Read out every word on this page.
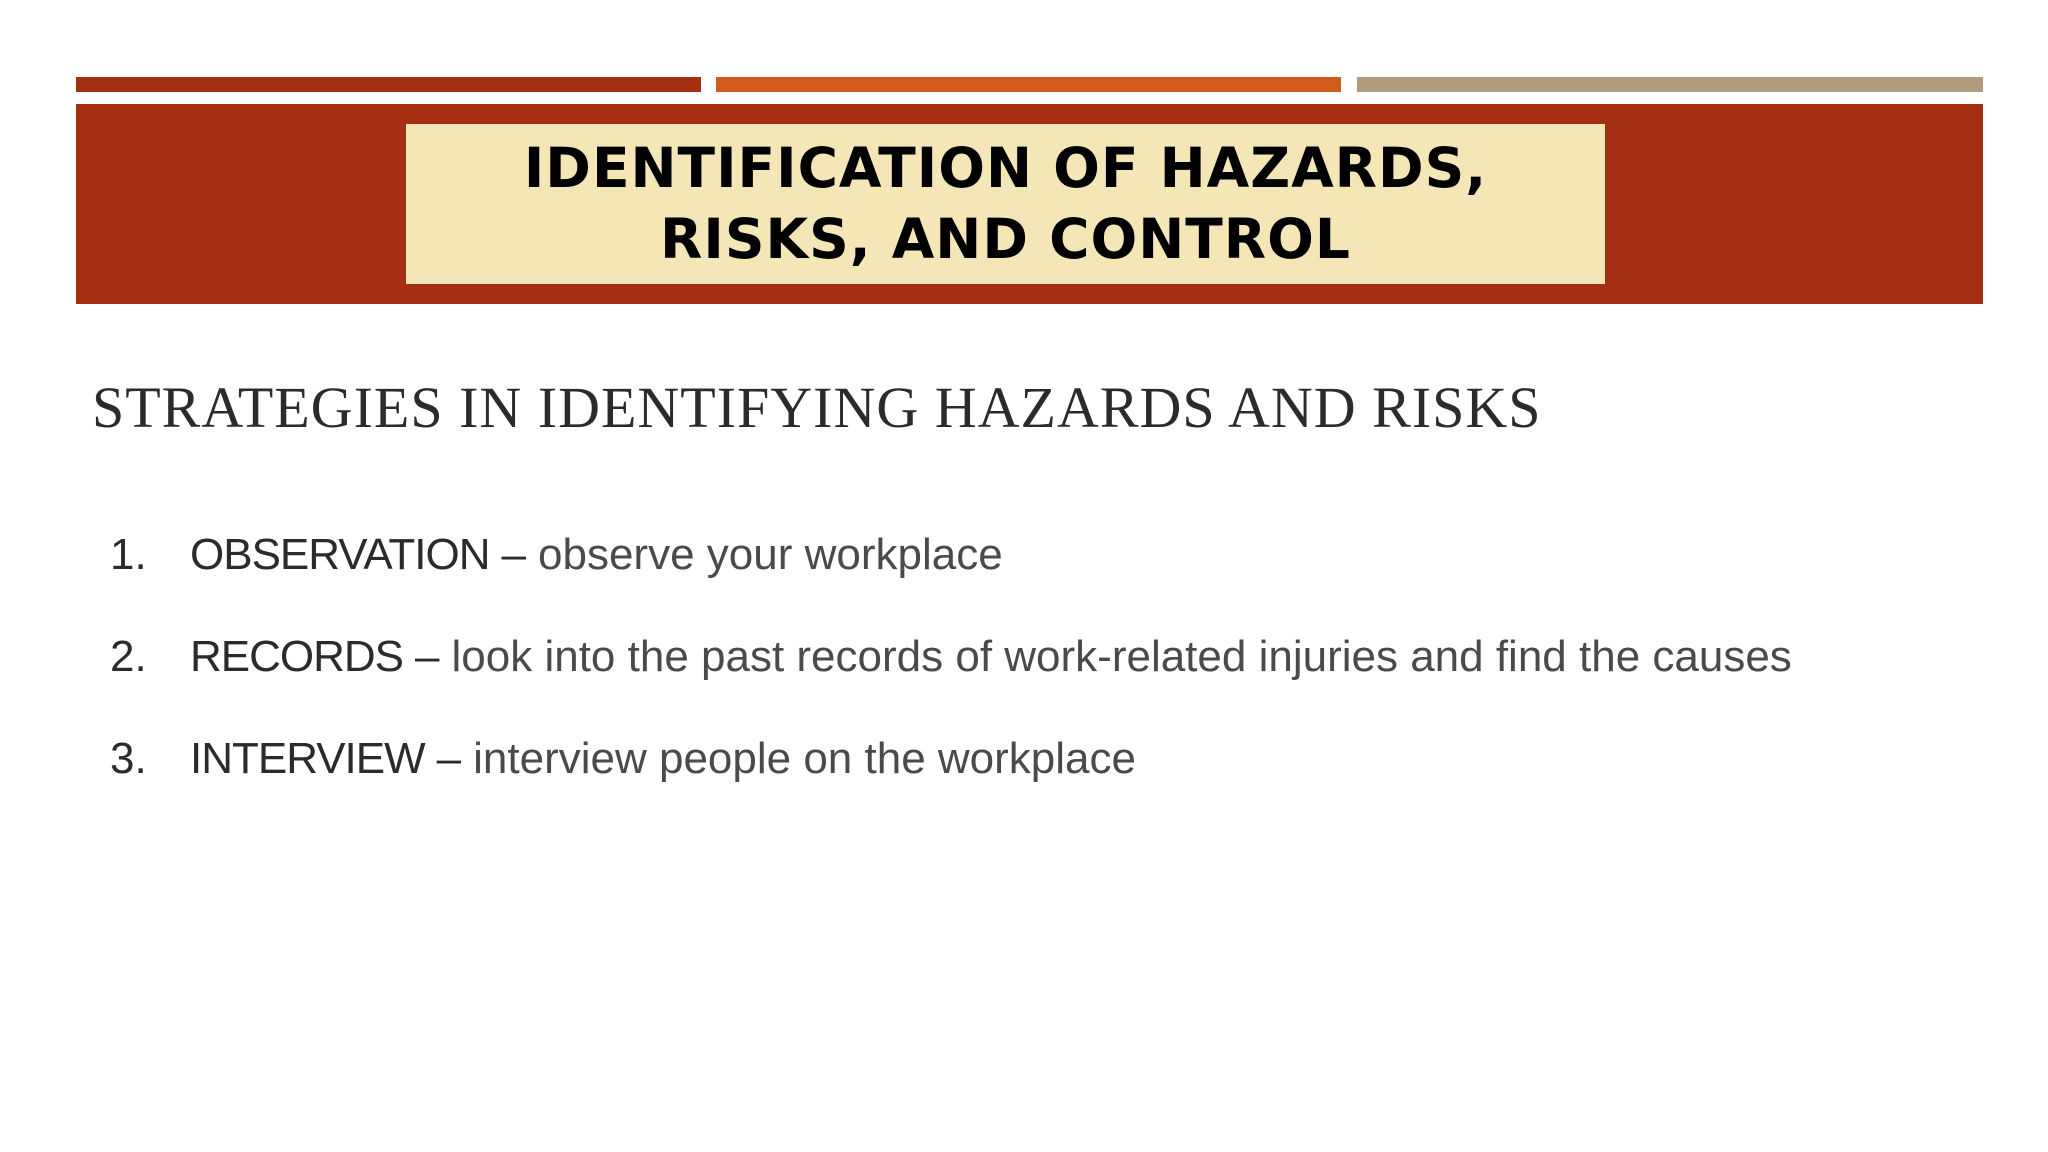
IDENTIFICATION OF HAZARDS,
RISKS, AND CONTROL
STRATEGIES IN IDENTIFYING HAZARDS AND RISKS
1. OBSERVATION – observe your workplace
2. RECORDS – look into the past records of work-related injuries and find the causes
3. INTERVIEW – interview people on the workplace
